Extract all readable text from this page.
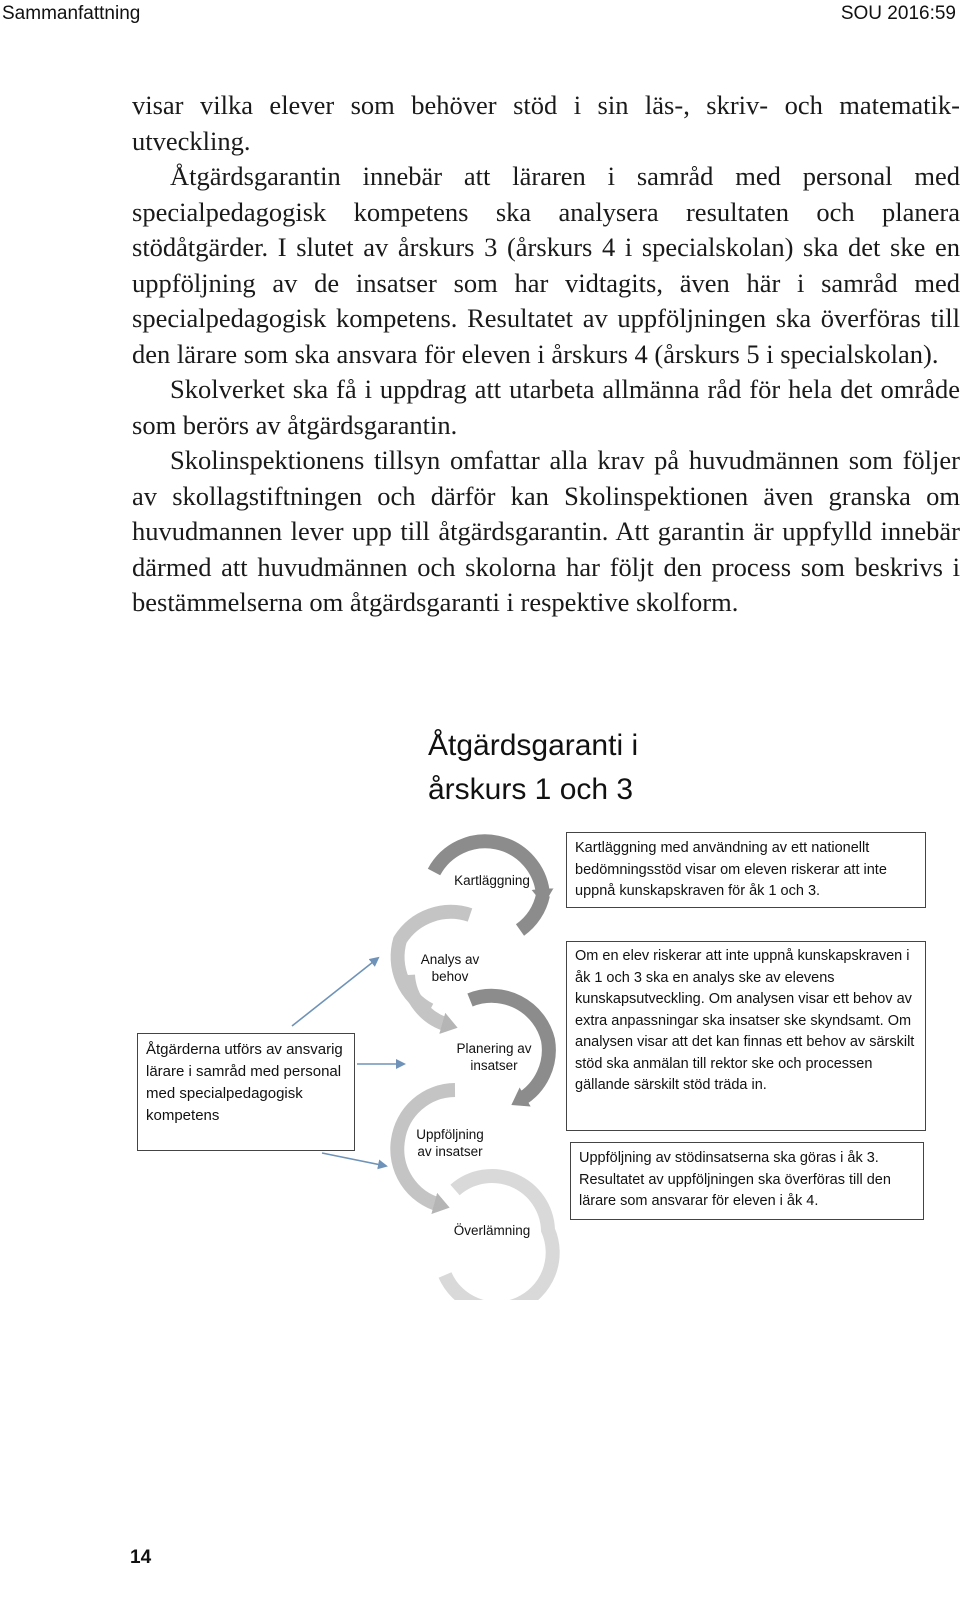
Sammanfattning	SOU 2016:59

visar vilka elever som behöver stöd i sin läs-, skriv- och matematikutveckling.

Åtgärdsgarantin innebär att läraren i samråd med personal med specialpedagogisk kompetens ska analysera resultaten och planera stödåtgärder. I slutet av årskurs 3 (årskurs 4 i specialskolan) ska det ske en uppföljning av de insatser som har vidtagits, även här i samråd med specialpedagogisk kompetens. Resultatet av uppföljningen ska överföras till den lärare som ska ansvara för eleven i årskurs 4 (årskurs 5 i specialskolan).

Skolverket ska få i uppdrag att utarbeta allmänna råd för hela det område som berörs av åtgärdsgarantin.

Skolinspektionens tillsyn omfattar alla krav på huvudmännen som följer av skollagstiftningen och därför kan Skolinspektionen även granska om huvudmannen lever upp till åtgärdsgarantin. Att garantin är uppfylld innebär därmed att huvudmännen och skolorna har följt den process som beskrivs i bestämmelserna om åtgärdsgaranti i respektive skolform.

Åtgärdsgaranti i
årskurs 1 och 3
Kartläggning
Analys av
behov
Planering av
insatser
Uppföljning
av insatser
Överlämning
Kartläggning med användning av ett nationellt bedömningsstöd visar om eleven riskerar att inte uppnå kunskapskraven för åk 1 och 3.
Om en elev riskerar att inte uppnå kunskapskraven i åk 1 och 3 ska en analys ske av elevens kunskapsutveckling. Om analysen visar ett behov av extra anpassningar ska insatser ske skyndsamt. Om analysen visar att det kan finnas ett behov av särskilt stöd ska anmälan till rektor ske och processen gällande särskilt stöd träda in.
Uppföljning av stödinsatserna ska göras i åk 3. Resultatet av uppföljningen ska överföras till den lärare som ansvarar för eleven i åk 4.
Åtgärderna utförs av ansvarig lärare i samråd med personal med specialpedagogisk kompetens
14
